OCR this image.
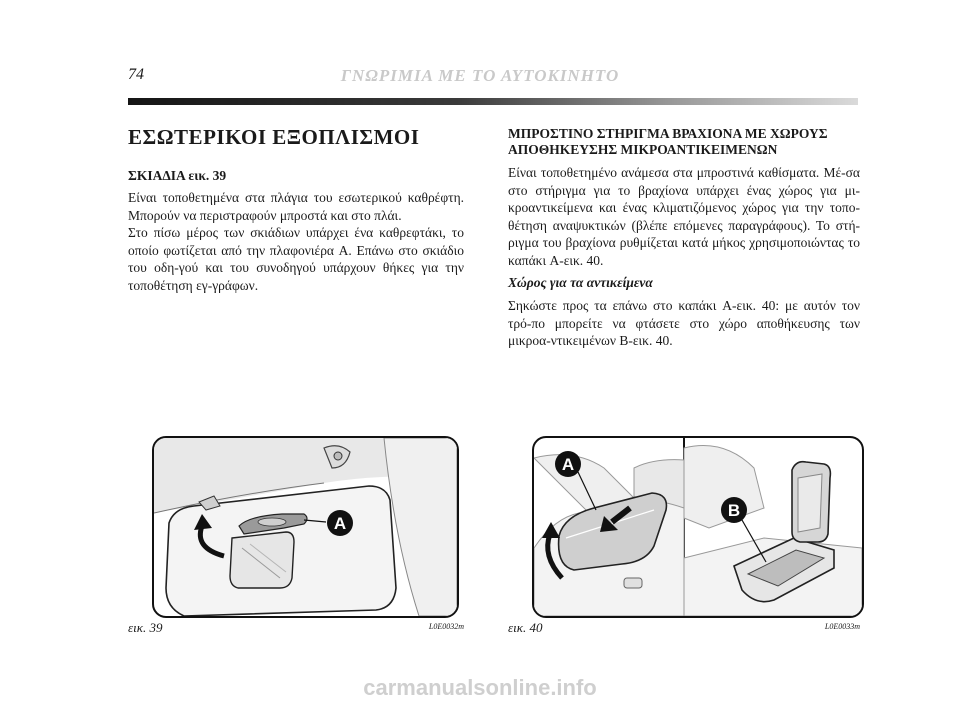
74	ΓΝΩΡΙΜΙΑ ΜΕ ΤΟ ΑΥΤΟΚΙΝΗΤΟ
ΕΣΩΤΕΡΙΚΟΙ ΕΞΟΠΛΙΣΜΟΙ
ΣΚΙΑΔΙΑ εικ. 39
Είναι τοποθετημένα στα πλάγια του εσωτερικού καθρέφτη. Μπορούν να περιστραφούν μπροστά και στο πλάι.
Στο πίσω μέρος των σκιάδιων υπάρχει ένα καθρεφτάκι, το οποίο φωτίζεται από την πλαφονιέρα A. Επάνω στο σκιάδιο του οδη-γού και του συνοδηγού υπάρχουν θήκες για την τοποθέτηση εγ-γράφων.
ΜΠΡΟΣΤΙΝΟ ΣΤΗΡΙΓΜΑ ΒΡΑΧΙΟΝΑ ΜΕ ΧΩΡΟΥΣ
ΑΠΟΘΗΚΕΥΣΗΣ ΜΙΚΡΟΑΝΤΙΚΕΙΜΕΝΩΝ
Είναι τοποθετημένο ανάμεσα στα μπροστινά καθίσματα. Μέ-σα στο στήριγμα για το βραχίονα υπάρχει ένας χώρος για μι-κροαντικείμενα και ένας κλιματιζόμενος χώρος για την τοπο-θέτηση αναψυκτικών (βλέπε επόμενες παραγράφους). Το στή-ριγμα του βραχίονα ρυθμίζεται κατά μήκος χρησιμοποιώντας το καπάκι A-εικ. 40.
Χώρος για τα αντικείμενα
Σηκώστε προς τα επάνω στο καπάκι A-εικ. 40: με αυτόν τον τρό-πο μπορείτε να φτάσετε στο χώρο αποθήκευσης των μικροα-ντικειμένων B-εικ. 40.
A
εικ. 39	L0E0032m
A
B
εικ. 40	L0E0033m
carmanualsonline.info
